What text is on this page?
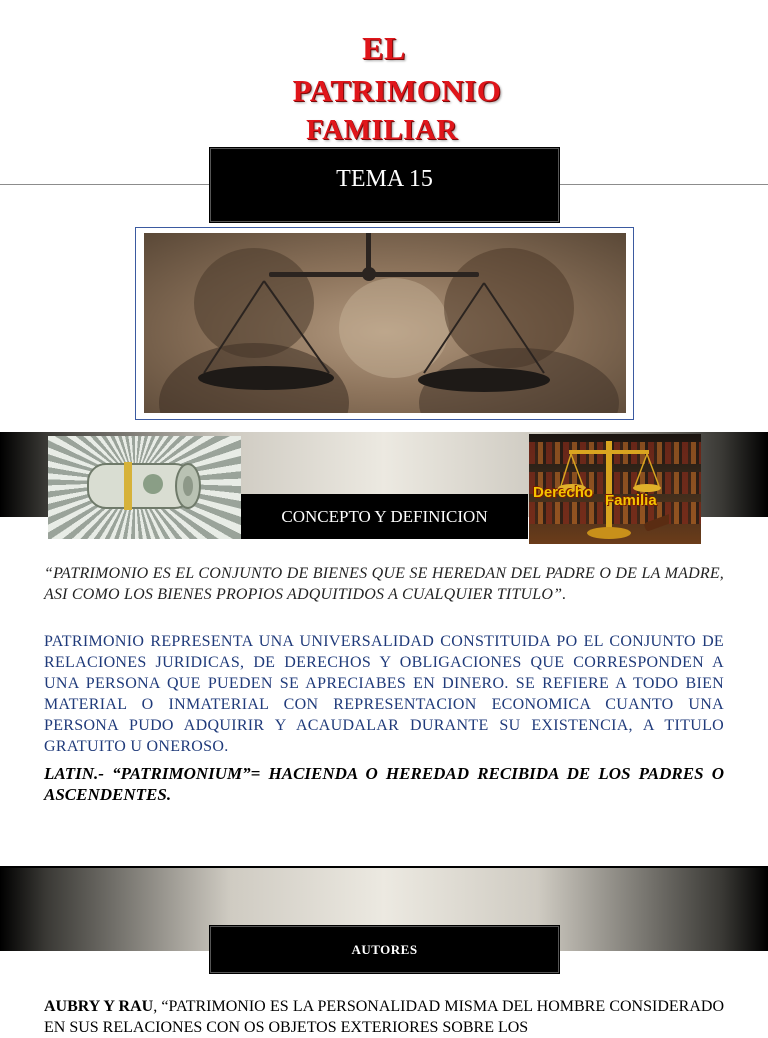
EL
PATRIMONIO
FAMILIAR
TEMA 15
CONCEPTO Y DEFINICION
Derecho Familia

“PATRIMONIO ES EL CONJUNTO DE BIENES QUE SE HEREDAN DEL PADRE O DE LA MADRE, ASI COMO LOS BIENES PROPIOS ADQUITIDOS A CUALQUIER TITULO”.

PATRIMONIO REPRESENTA UNA UNIVERSALIDAD CONSTITUIDA PO EL CONJUNTO DE RELACIONES JURIDICAS, DE DERECHOS Y OBLIGACIONES QUE CORRESPONDEN A UNA PERSONA QUE PUEDEN SE APRECIABES EN DINERO. SE REFIERE A TODO BIEN MATERIAL O INMATERIAL CON REPRESENTACION ECONOMICA CUANTO UNA PERSONA PUDO ADQUIRIR Y ACAUDALAR DURANTE SU EXISTENCIA, A TITULO GRATUITO U ONEROSO.

LATIN.- “PATRIMONIUM”= HACIENDA O HEREDAD RECIBIDA DE LOS PADRES O ASCENDENTES.

AUTORES

AUBRY Y RAU, “PATRIMONIO ES LA PERSONALIDAD MISMA DEL HOMBRE CONSIDERADO EN SUS RELACIONES CON OS OBJETOS EXTERIORES SOBRE LOS
